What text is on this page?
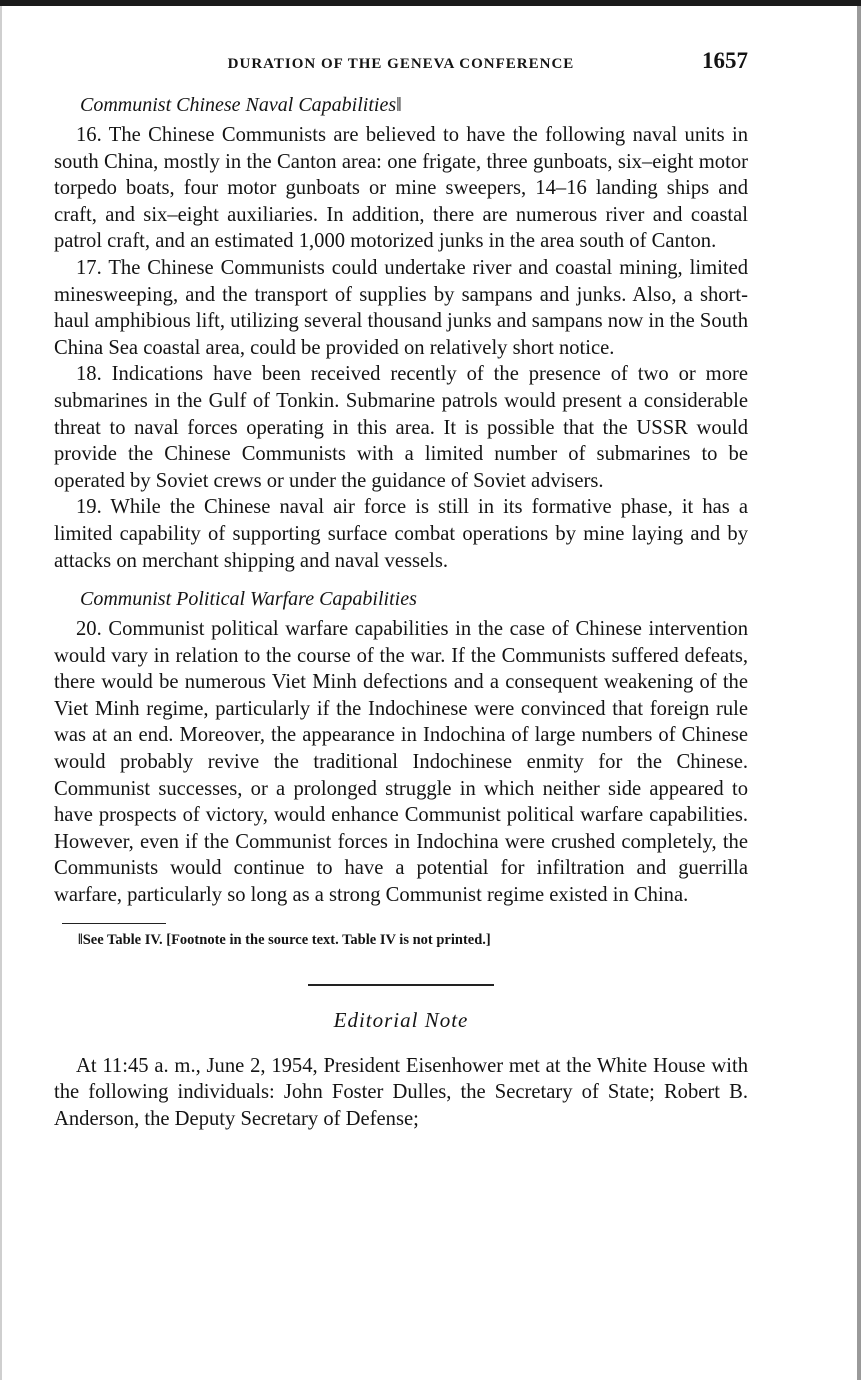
DURATION OF THE GENEVA CONFERENCE	1657
Communist Chinese Naval Capabilities‖

16. The Chinese Communists are believed to have the following naval units in south China, mostly in the Canton area: one frigate, three gunboats, six–eight motor torpedo boats, four motor gunboats or mine sweepers, 14–16 landing ships and craft, and six–eight auxiliaries. In addition, there are numerous river and coastal patrol craft, and an estimated 1,000 motorized junks in the area south of Canton.

17. The Chinese Communists could undertake river and coastal mining, limited minesweeping, and the transport of supplies by sampans and junks. Also, a short-haul amphibious lift, utilizing several thousand junks and sampans now in the South China Sea coastal area, could be provided on relatively short notice.

18. Indications have been received recently of the presence of two or more submarines in the Gulf of Tonkin. Submarine patrols would present a considerable threat to naval forces operating in this area. It is possible that the USSR would provide the Chinese Communists with a limited number of submarines to be operated by Soviet crews or under the guidance of Soviet advisers.

19. While the Chinese naval air force is still in its formative phase, it has a limited capability of supporting surface combat operations by mine laying and by attacks on merchant shipping and naval vessels.

Communist Political Warfare Capabilities

20. Communist political warfare capabilities in the case of Chinese intervention would vary in relation to the course of the war. If the Communists suffered defeats, there would be numerous Viet Minh defections and a consequent weakening of the Viet Minh regime, particularly if the Indochinese were convinced that foreign rule was at an end. Moreover, the appearance in Indochina of large numbers of Chinese would probably revive the traditional Indochinese enmity for the Chinese. Communist successes, or a prolonged struggle in which neither side appeared to have prospects of victory, would enhance Communist political warfare capabilities. However, even if the Communist forces in Indochina were crushed completely, the Communists would continue to have a potential for infiltration and guerrilla warfare, particularly so long as a strong Communist regime existed in China.

‖See Table IV. [Footnote in the source text. Table IV is not printed.]
Editorial Note

At 11:45 a. m., June 2, 1954, President Eisenhower met at the White House with the following individuals: John Foster Dulles, the Secretary of State; Robert B. Anderson, the Deputy Secretary of Defense;
